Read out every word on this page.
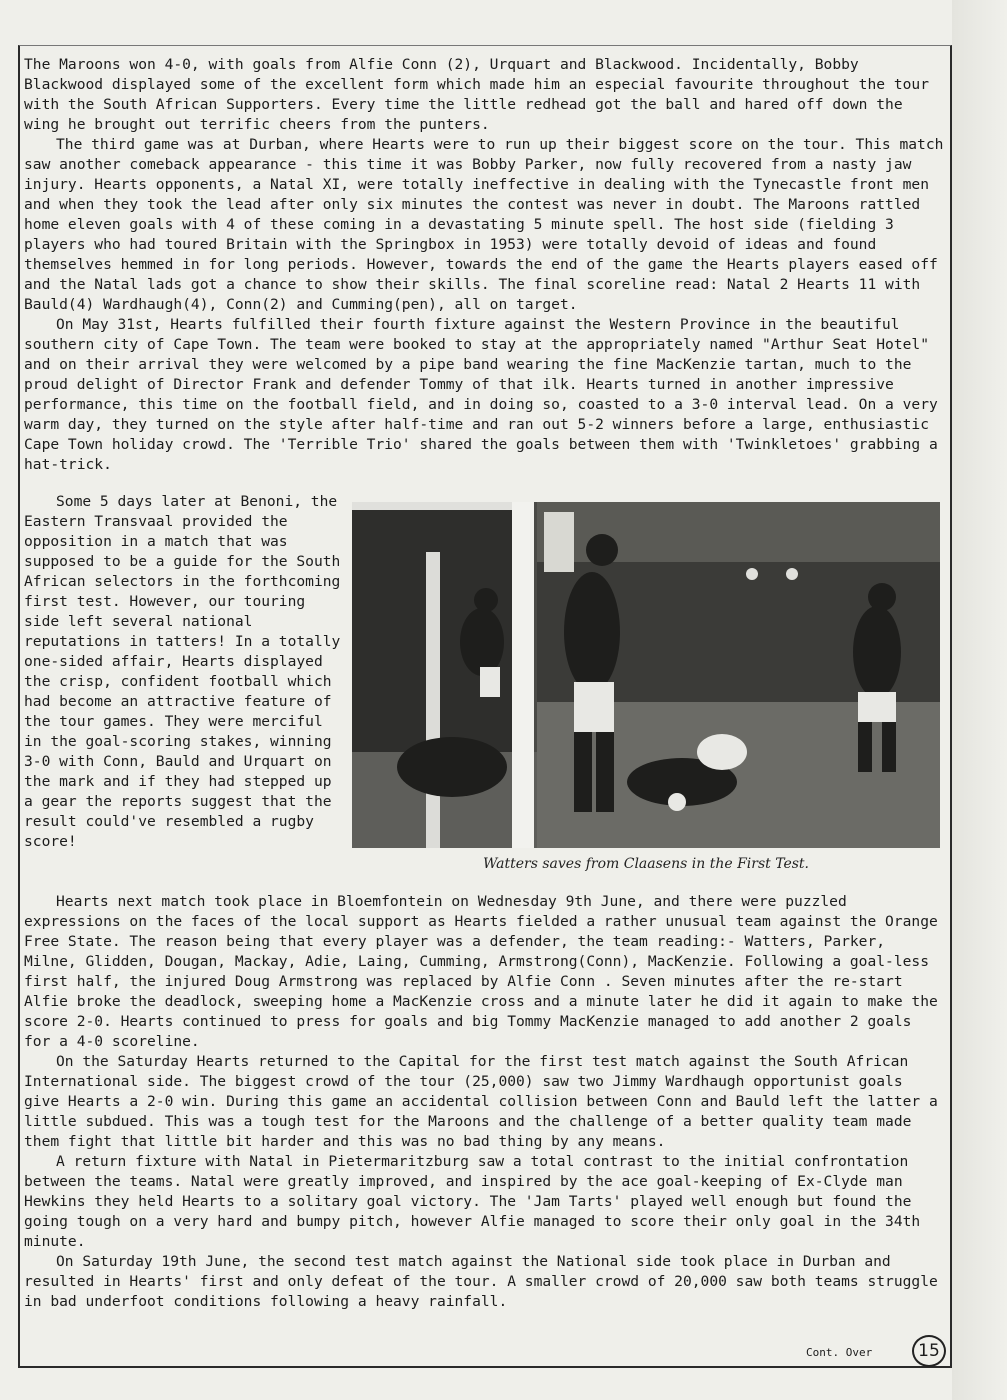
The Maroons won 4-0, with goals from Alfie Conn (2), Urquart and Blackwood. Incidentally, Bobby Blackwood displayed some of the excellent form which made him an especial favourite throughout the tour with the South African Supporters. Every time the little redhead got the ball and hared off down the wing he brought out terrific cheers from the punters.

The third game was at Durban, where Hearts were to run up their biggest score on the tour. This match saw another comeback appearance - this time it was Bobby Parker, now fully recovered from a nasty jaw injury. Hearts opponents, a Natal XI, were totally ineffective in dealing with the Tynecastle front men and when they took the lead after only six minutes the contest was never in doubt. The Maroons rattled home eleven goals with 4 of these coming in a devastating 5 minute spell. The host side (fielding 3 players who had toured Britain with the Springbox in 1953) were totally devoid of ideas and found themselves hemmed in for long periods. However, towards the end of the game the Hearts players eased off and the Natal lads got a chance to show their skills. The final scoreline read: Natal 2 Hearts 11 with Bauld(4) Wardhaugh(4), Conn(2) and Cumming(pen), all on target.

On May 31st, Hearts fulfilled their fourth fixture against the Western Province in the beautiful southern city of Cape Town. The team were booked to stay at the appropriately named "Arthur Seat Hotel" and on their arrival they were welcomed by a pipe band wearing the fine MacKenzie tartan, much to the proud delight of Director Frank and defender Tommy of that ilk. Hearts turned in another impressive performance, this time on the football field, and in doing so, coasted to a 3-0 interval lead. On a very warm day, they turned on the style after half-time and ran out 5-2 winners before a large, enthusiastic Cape Town holiday crowd. The 'Terrible Trio' shared the goals between them with 'Twinkletoes' grabbing a hat-trick.

Some 5 days later at Benoni, the Eastern Transvaal provided the opposition in a match that was supposed to be a guide for the South African selectors in the forthcoming first test. However, our touring side left several national reputations in tatters! In a totally one-sided affair, Hearts displayed the crisp, confident football which had become an attractive feature of the tour games. They were merciful in the goal-scoring stakes, winning 3-0 with Conn, Bauld and Urquart on the mark and if they had stepped up a gear the reports suggest that the result could've resembled a rugby score!

Watters saves from Claasens in the First Test.

Hearts next match took place in Bloemfontein on Wednesday 9th June, and there were puzzled expressions on the faces of the local support as Hearts fielded a rather unusual team against the Orange Free State. The reason being that every player was a defender, the team reading:- Watters, Parker, Milne, Glidden, Dougan, Mackay, Adie, Laing, Cumming, Armstrong(Conn), MacKenzie. Following a goal-less first half, the injured Doug Armstrong was replaced by Alfie Conn . Seven minutes after the re-start Alfie broke the deadlock, sweeping home a MacKenzie cross and a minute later he did it again to make the score 2-0. Hearts continued to press for goals and big Tommy MacKenzie managed to add another 2 goals for a 4-0 scoreline.

On the Saturday Hearts returned to the Capital for the first test match against the South African International side. The biggest crowd of the tour (25,000) saw two Jimmy Wardhaugh opportunist goals give Hearts a 2-0 win. During this game an accidental collision between Conn and Bauld left the latter a little subdued. This was a tough test for the Maroons and the challenge of a better quality team made them fight that little bit harder and this was no bad thing by any means.

A return fixture with Natal in Pietermaritzburg saw a total contrast to the initial confrontation between the teams. Natal were greatly improved, and inspired by the ace goal-keeping of Ex-Clyde man Hewkins they held Hearts to a solitary goal victory. The 'Jam Tarts' played well enough but found the going tough on a very hard and bumpy pitch, however Alfie managed to score their only goal in the 34th minute.

On Saturday 19th June, the second test match against the National side took place in Durban and resulted in Hearts' first and only defeat of the tour. A smaller crowd of 20,000 saw both teams struggle in bad underfoot conditions following a heavy rainfall.

Cont. Over	15
